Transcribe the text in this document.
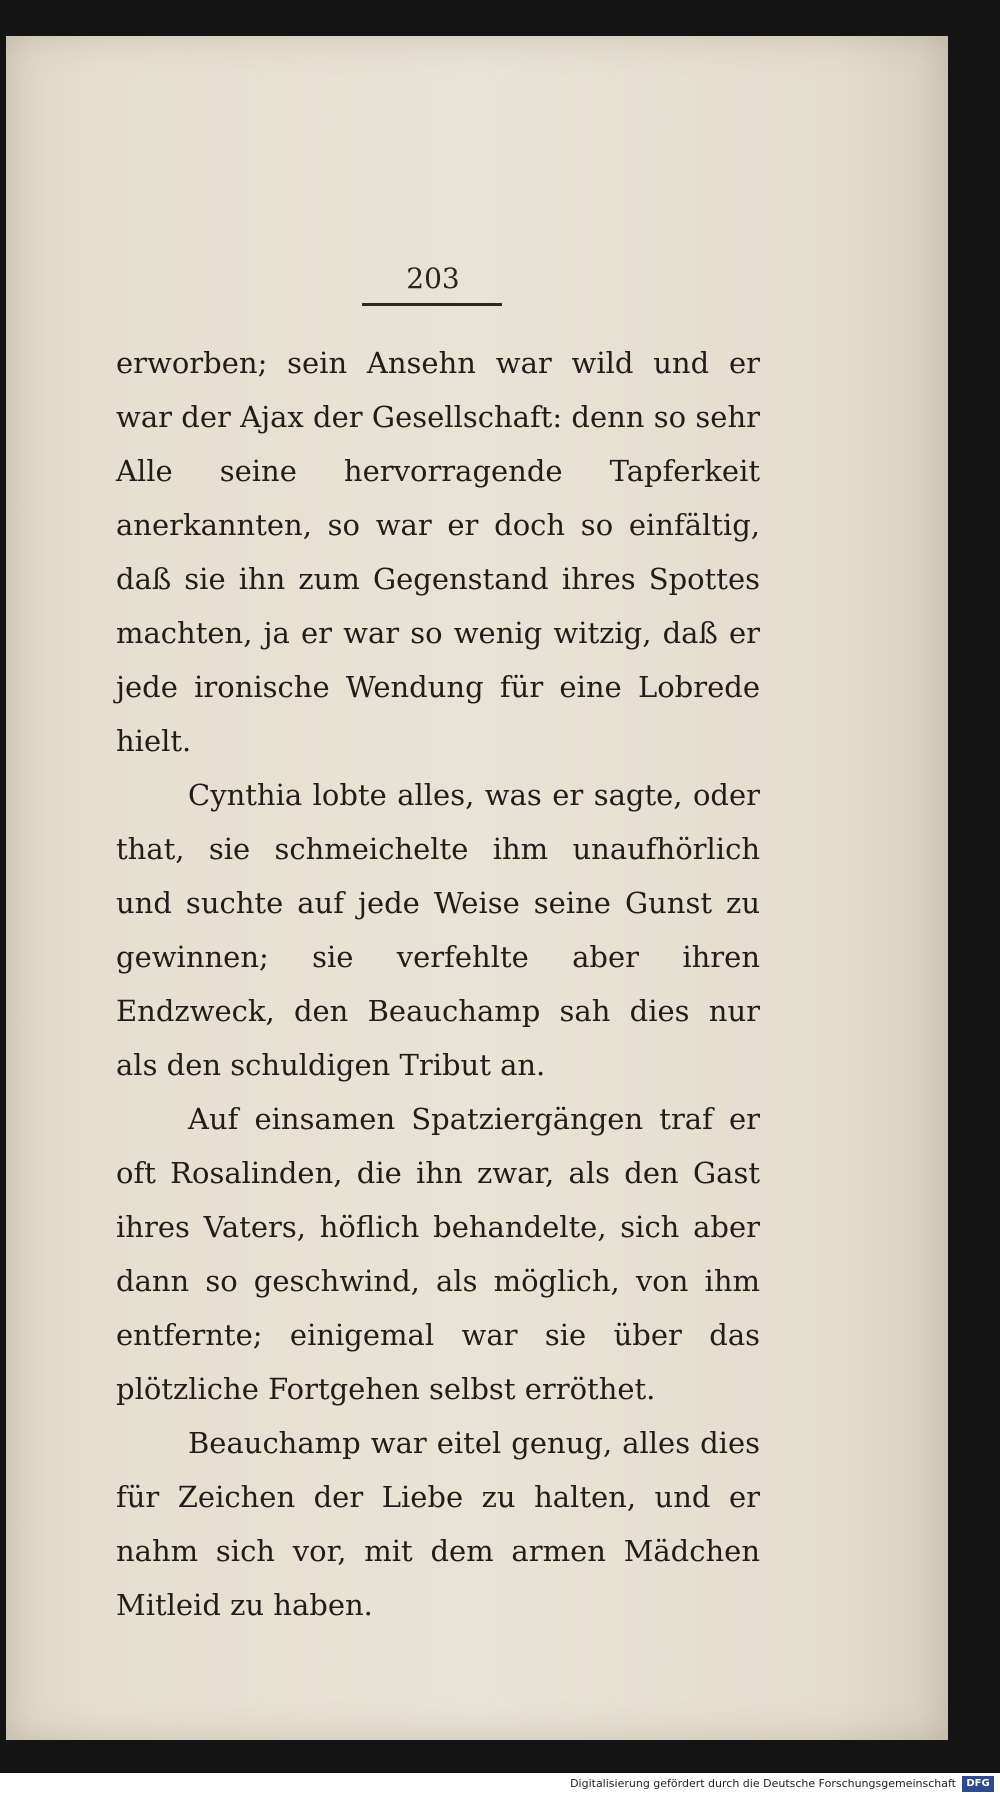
203

erworben; sein Ansehn war wild und er war der Ajax der Gesellschaft: denn so sehr Alle seine hervorragende Tapferkeit anerkannten, so war er doch so einfältig, daß sie ihn zum Gegenstand ihres Spottes machten, ja er war so wenig witzig, daß er jede ironische Wendung für eine Lobrede hielt.

Cynthia lobte alles, was er sagte, oder that, sie schmeichelte ihm unaufhörlich und suchte auf jede Weise seine Gunst zu gewinnen; sie verfehlte aber ihren Endzweck, den Beauchamp sah dies nur als den schuldigen Tribut an.

Auf einsamen Spatziergängen traf er oft Rosalinden, die ihn zwar, als den Gast ihres Vaters, höflich behandelte, sich aber dann so geschwind, als möglich, von ihm entfernte; einigemal war sie über das plötzliche Fortgehen selbst erröthet.

Beauchamp war eitel genug, alles dies für Zeichen der Liebe zu halten, und er nahm sich vor, mit dem armen Mädchen Mitleid zu haben.

Digitalisierung gefördert durch die Deutsche Forschungsgemeinschaft	DFG
